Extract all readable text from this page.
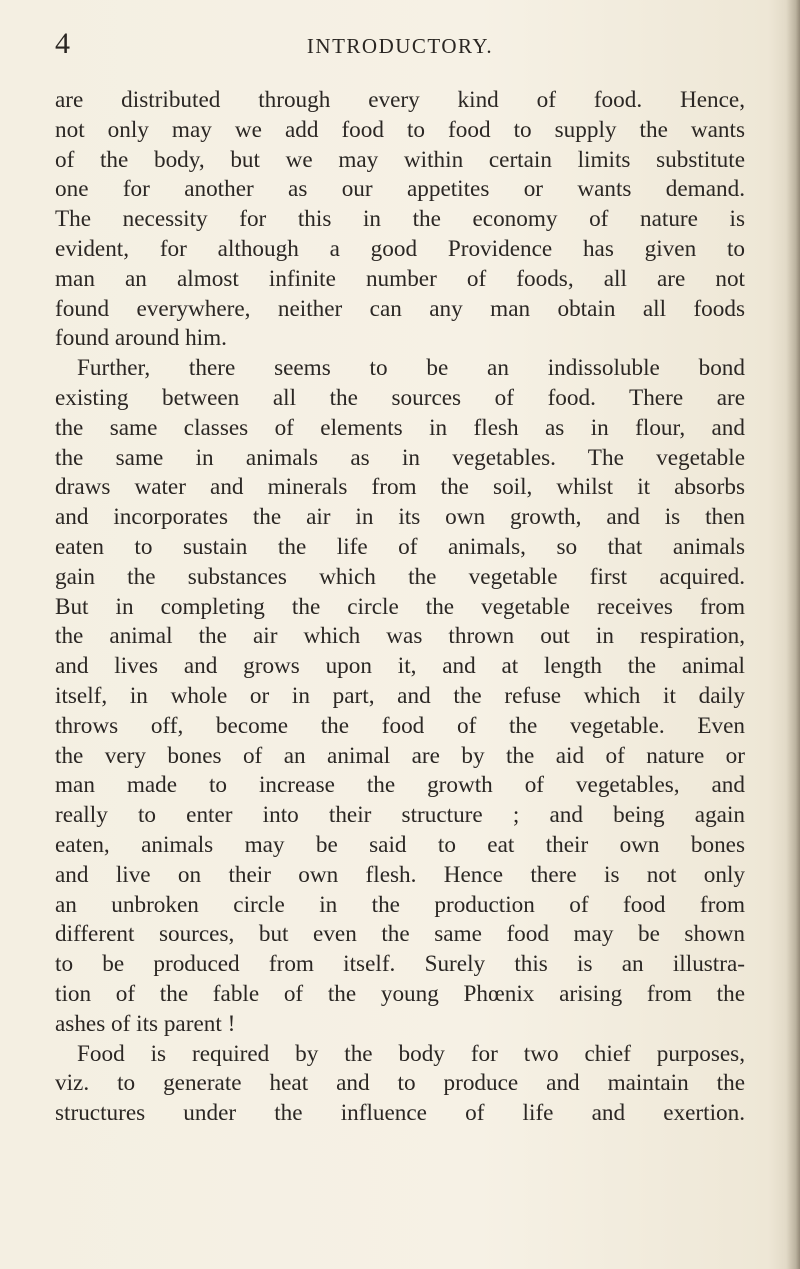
4	INTRODUCTORY.
are distributed through every kind of food. Hence,
not only may we add food to food to supply the wants
of the body, but we may within certain limits substitute
one for another as our appetites or wants demand.
The necessity for this in the economy of nature is
evident, for although a good Providence has given to
man an almost infinite number of foods, all are not
found everywhere, neither can any man obtain all foods
found around him.
Further, there seems to be an indissoluble bond
existing between all the sources of food. There are
the same classes of elements in flesh as in flour, and
the same in animals as in vegetables. The vegetable
draws water and minerals from the soil, whilst it absorbs
and incorporates the air in its own growth, and is then
eaten to sustain the life of animals, so that animals
gain the substances which the vegetable first acquired.
But in completing the circle the vegetable receives from
the animal the air which was thrown out in respiration,
and lives and grows upon it, and at length the animal
itself, in whole or in part, and the refuse which it daily
throws off, become the food of the vegetable. Even
the very bones of an animal are by the aid of nature or
man made to increase the growth of vegetables, and
really to enter into their structure ; and being again
eaten, animals may be said to eat their own bones
and live on their own flesh. Hence there is not only
an unbroken circle in the production of food from
different sources, but even the same food may be shown
to be produced from itself. Surely this is an illustra-
tion of the fable of the young Phœnix arising from the
ashes of its parent !
Food is required by the body for two chief purposes,
viz. to generate heat and to produce and maintain the
structures under the influence of life and exertion.
